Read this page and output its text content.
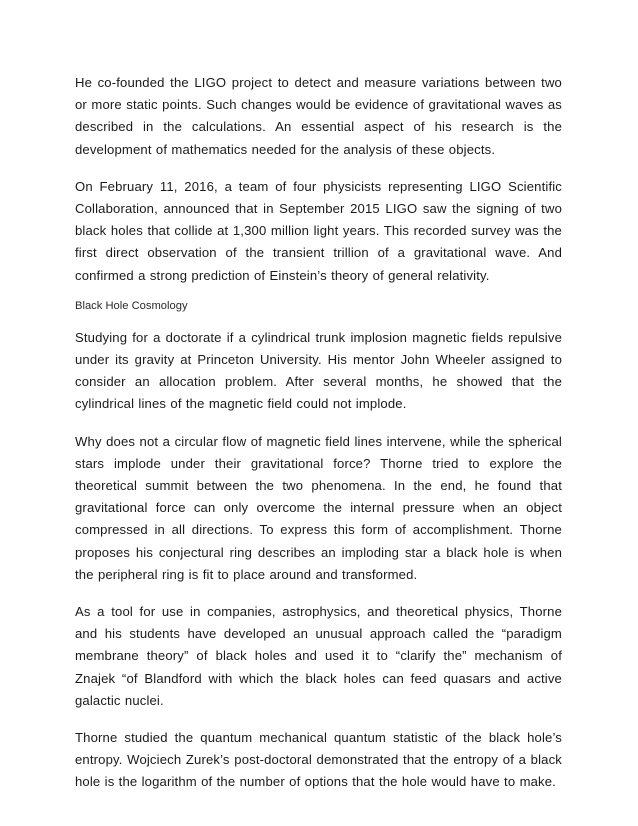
He co-founded the LIGO project to detect and measure variations between two or more static points. Such changes would be evidence of gravitational waves as described in the calculations. An essential aspect of his research is the development of mathematics needed for the analysis of these objects.

On February 11, 2016, a team of four physicists representing LIGO Scientific Collaboration, announced that in September 2015 LIGO saw the signing of two black holes that collide at 1,300 million light years. This recorded survey was the first direct observation of the transient trillion of a gravitational wave. And confirmed a strong prediction of Einstein’s theory of general relativity.

Black Hole Cosmology

Studying for a doctorate if a cylindrical trunk implosion magnetic fields repulsive under its gravity at Princeton University. His mentor John Wheeler assigned to consider an allocation problem. After several months, he showed that the cylindrical lines of the magnetic field could not implode.

Why does not a circular flow of magnetic field lines intervene, while the spherical stars implode under their gravitational force? Thorne tried to explore the theoretical summit between the two phenomena. In the end, he found that gravitational force can only overcome the internal pressure when an object compressed in all directions. To express this form of accomplishment. Thorne proposes his conjectural ring describes an imploding star a black hole is when the peripheral ring is fit to place around and transformed.

As a tool for use in companies, astrophysics, and theoretical physics, Thorne and his students have developed an unusual approach called the “paradigm membrane theory” of black holes and used it to “clarify the” mechanism of Znajek “of Blandford with which the black holes can feed quasars and active galactic nuclei.

Thorne studied the quantum mechanical quantum statistic of the black hole’s entropy. Wojciech Zurek’s post-doctoral demonstrated that the entropy of a black hole is the logarithm of the number of options that the hole would have to make.
